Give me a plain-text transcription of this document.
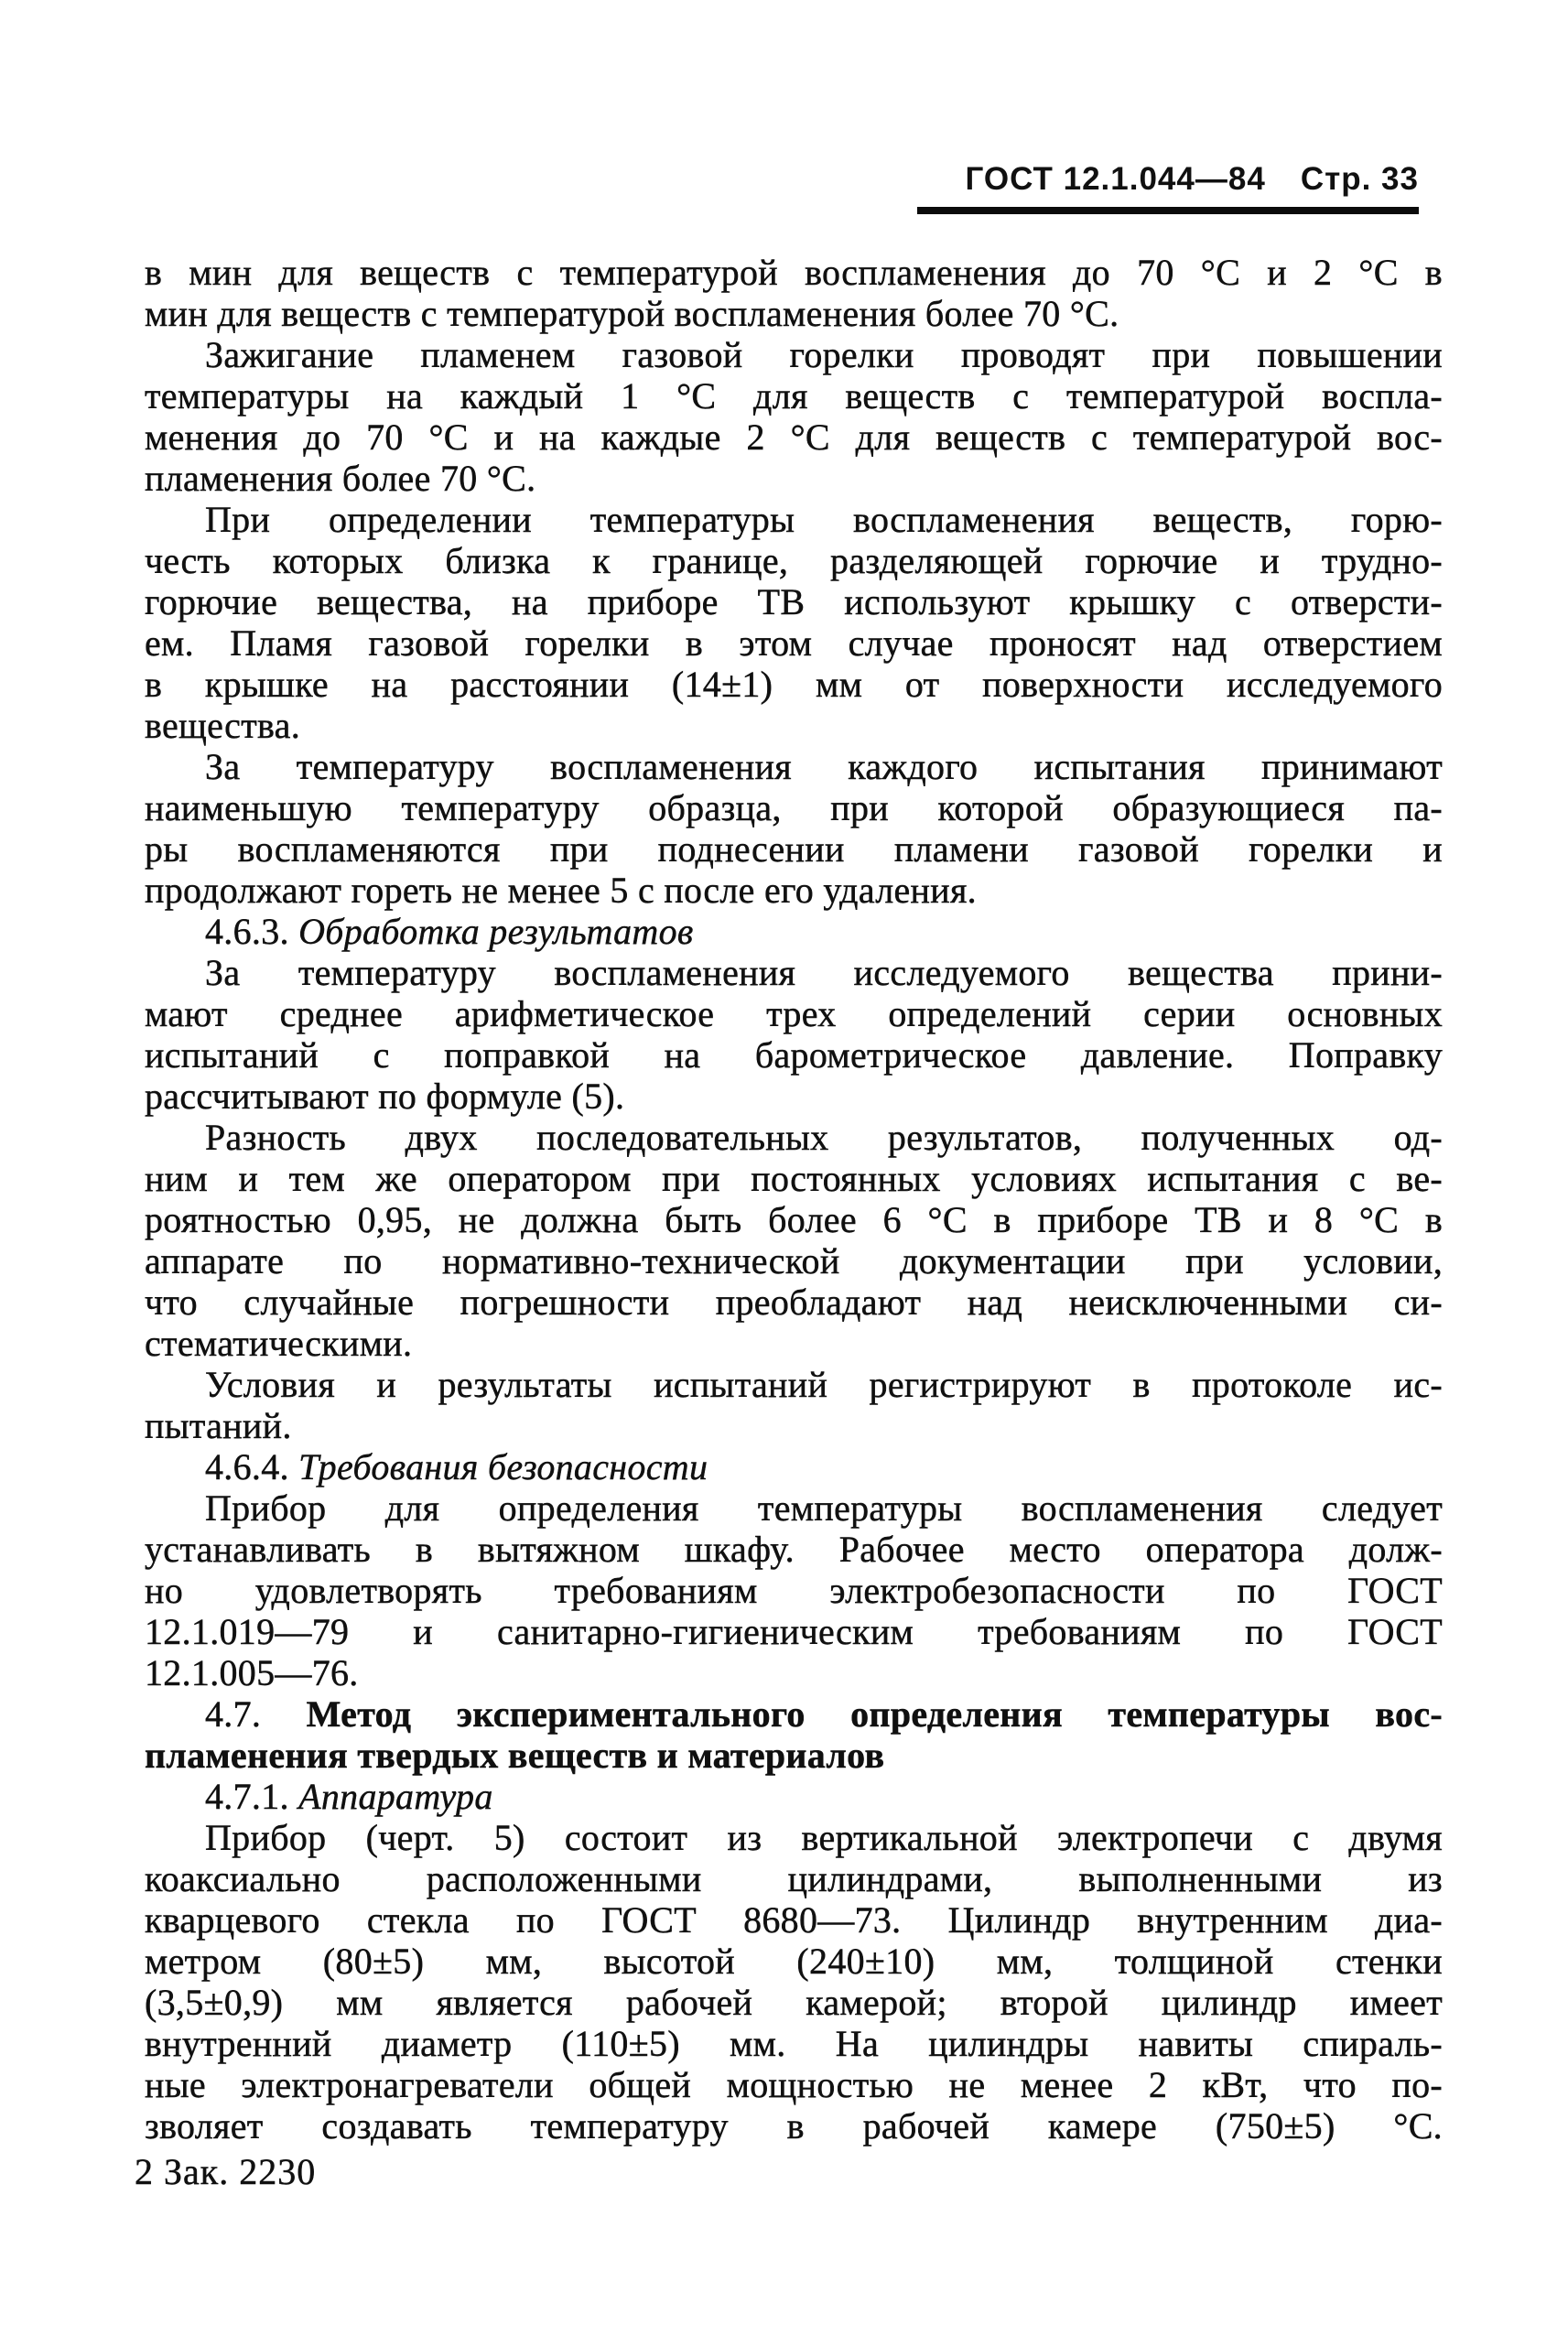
ГОСТ 12.1.044—84 Стр. 33
в мин для веществ с температурой воспламенения до 70 °С и 2 °С в
мин для веществ с температурой воспламенения более 70 °С.
Зажигание пламенем газовой горелки проводят при повышении
температуры на каждый 1 °С для веществ с температурой воспла-
менения до 70 °С и на каждые 2 °С для веществ с температурой вос-
пламенения более 70 °С.
При определении температуры воспламенения веществ, горю-
честь которых близка к границе, разделяющей горючие и трудно-
горючие вещества, на приборе ТВ используют крышку с отверсти-
ем. Пламя газовой горелки в этом случае проносят над отверстием
в крышке на расстоянии (14±1) мм от поверхности исследуемого
вещества.
За температуру воспламенения каждого испытания принимают
наименьшую температуру образца, при которой образующиеся па-
ры воспламеняются при поднесении пламени газовой горелки и
продолжают гореть не менее 5 с после его удаления.
4.6.3. Обработка результатов
За температуру воспламенения исследуемого вещества прини-
мают среднее арифметическое трех определений серии основных
испытаний с поправкой на барометрическое давление. Поправку
рассчитывают по формуле (5).
Разность двух последовательных результатов, полученных од-
ним и тем же оператором при постоянных условиях испытания с ве-
роятностью 0,95, не должна быть более 6 °С в приборе ТВ и 8 °С в
аппарате по нормативно-технической документации при условии,
что случайные погрешности преобладают над неисключенными си-
стематическими.
Условия и результаты испытаний регистрируют в протоколе ис-
пытаний.
4.6.4. Требования безопасности
Прибор для определения температуры воспламенения следует
устанавливать в вытяжном шкафу. Рабочее место оператора долж-
но удовлетворять требованиям электробезопасности по ГОСТ
12.1.019—79 и санитарно-гигиеническим требованиям по ГОСТ
12.1.005—76.
4.7. Метод экспериментального определения температуры вос-
пламенения твердых веществ и материалов
4.7.1. Аппаратура
Прибор (черт. 5) состоит из вертикальной электропечи с двумя
коаксиально расположенными цилиндрами, выполненными из
кварцевого стекла по ГОСТ 8680—73. Цилиндр внутренним диа-
метром (80±5) мм, высотой (240±10) мм, толщиной стенки
(3,5±0,9) мм является рабочей камерой; второй цилиндр имеет
внутренний диаметр (110±5) мм. На цилиндры навиты спираль-
ные электронагреватели общей мощностью не менее 2 кВт, что по-
зволяет создавать температуру в рабочей камере (750±5) °С.
2 Зак. 2230
